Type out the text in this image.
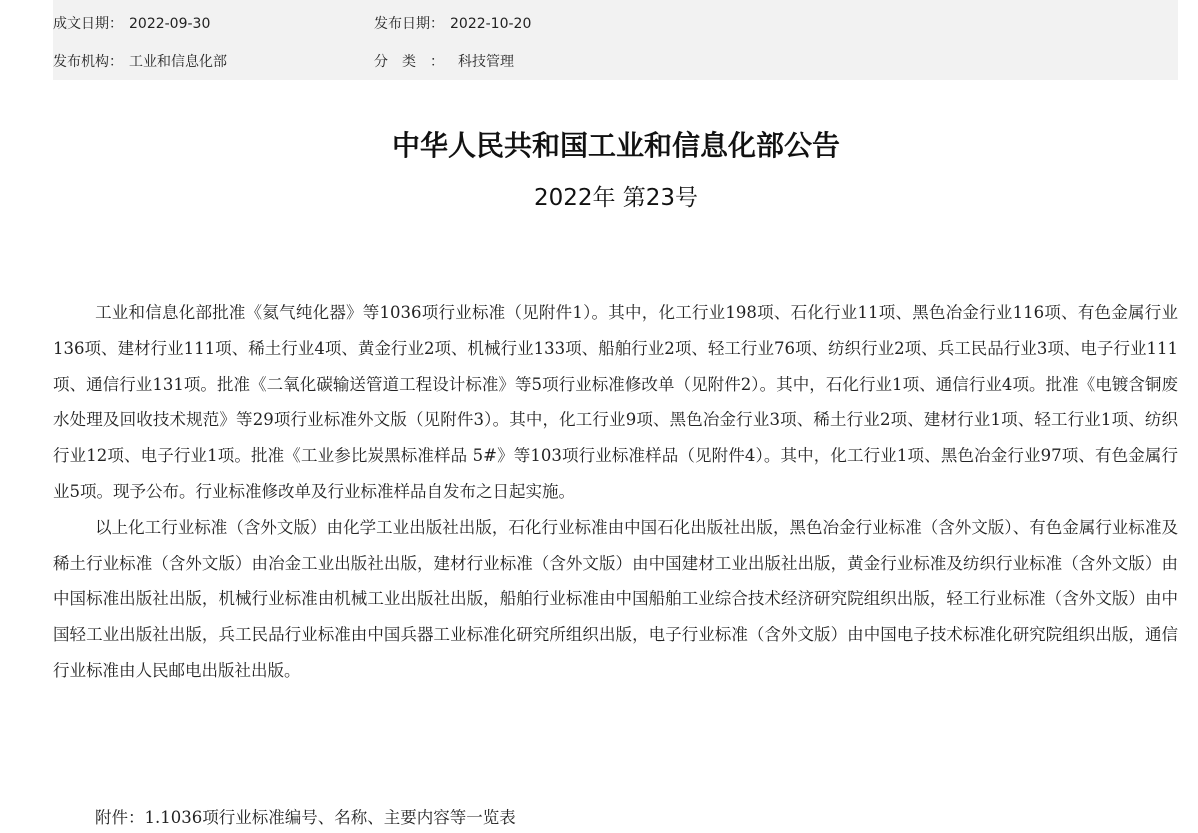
成文日期： 2022-09-30	发布日期： 2022-10-20
发布机构： 工业和信息化部	分类：科技管理
中华人民共和国工业和信息化部公告
2022年 第23号

工业和信息化部批准《氦气纯化器》等1036项行业标准（见附件1）。其中，化工行业198项、石化行业11项、黑色冶金行业116项、有色金属行业136项、建材行业111项、稀土行业4项、黄金行业2项、机械行业133项、船舶行业2项、轻工行业76项、纺织行业2项、兵工民品行业3项、电子行业111项、通信行业131项。批准《二氧化碳输送管道工程设计标准》等5项行业标准修改单（见附件2）。其中，石化行业1项、通信行业4项。批准《电镀含铜废水处理及回收技术规范》等29项行业标准外文版（见附件3）。其中，化工行业9项、黑色冶金行业3项、稀土行业2项、建材行业1项、轻工行业1项、纺织行业12项、电子行业1项。批准《工业参比炭黑标准样品 5#》等103项行业标准样品（见附件4）。其中，化工行业1项、黑色冶金行业97项、有色金属行业5项。现予公布。行业标准修改单及行业标准样品自发布之日起实施。

以上化工行业标准（含外文版）由化学工业出版社出版，石化行业标准由中国石化出版社出版，黑色冶金行业标准（含外文版）、有色金属行业标准及稀土行业标准（含外文版）由冶金工业出版社出版，建材行业标准（含外文版）由中国建材工业出版社出版，黄金行业标准及纺织行业标准（含外文版）由中国标准出版社出版，机械行业标准由机械工业出版社出版，船舶行业标准由中国船舶工业综合技术经济研究院组织出版，轻工行业标准（含外文版）由中国轻工业出版社出版，兵工民品行业标准由中国兵器工业标准化研究所组织出版，电子行业标准（含外文版）由中国电子技术标准化研究院组织出版，通信行业标准由人民邮电出版社出版。

附件：1.1036项行业标准编号、名称、主要内容等一览表
